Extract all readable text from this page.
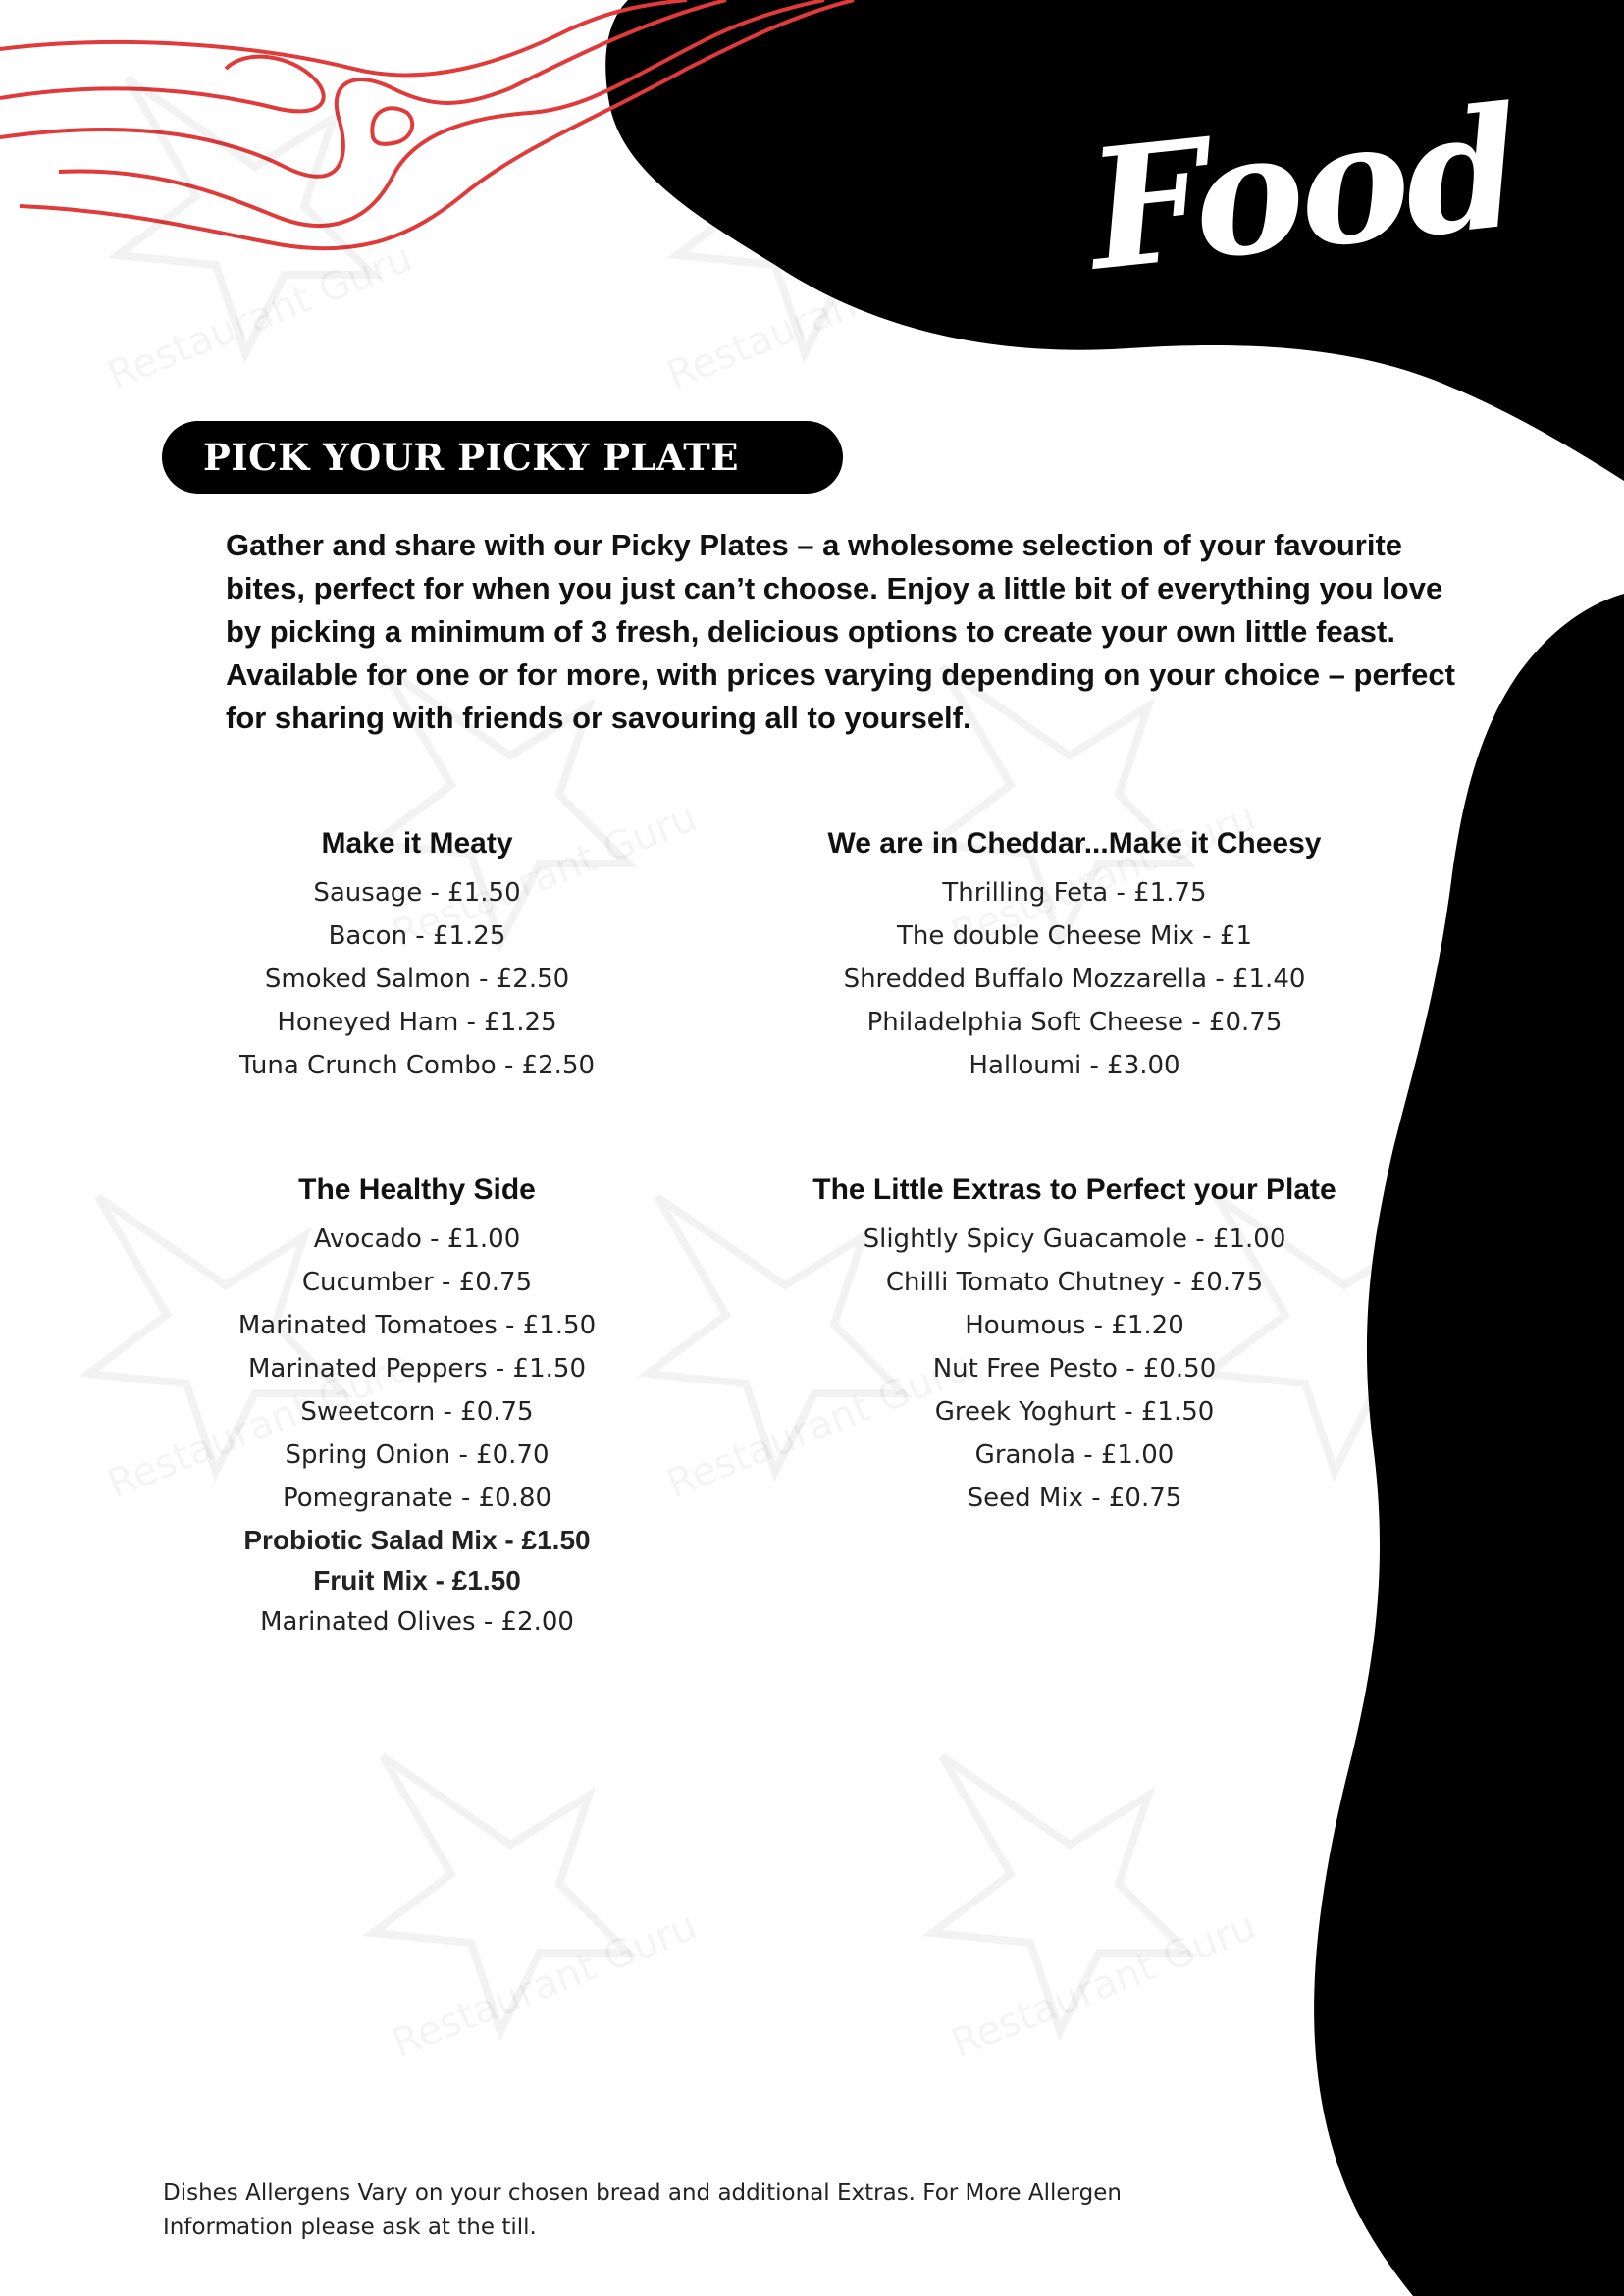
Food
PICK YOUR PICKY PLATE

Gather and share with our Picky Plates – a wholesome selection of your favourite bites, perfect for when you just can’t choose. Enjoy a little bit of everything you love by picking a minimum of 3 fresh, delicious options to create your own little feast. Available for one or for more, with prices varying depending on your choice – perfect for sharing with friends or savouring all to yourself.

Make it Meaty
Sausage - £1.50
Bacon - £1.25
Smoked Salmon - £2.50
Honeyed Ham - £1.25
Tuna Crunch Combo - £2.50
We are in Cheddar...Make it Cheesy
Thrilling Feta - £1.75
The double Cheese Mix - £1
Shredded Buffalo Mozzarella - £1.40
Philadelphia Soft Cheese - £0.75
Halloumi - £3.00
The Healthy Side
Avocado - £1.00
Cucumber - £0.75
Marinated Tomatoes - £1.50
Marinated Peppers - £1.50
Sweetcorn - £0.75
Spring Onion - £0.70
Pomegranate - £0.80
Probiotic Salad Mix - £1.50
Fruit Mix - £1.50
Marinated Olives - £2.00
The Little Extras to Perfect your Plate
Slightly Spicy Guacamole - £1.00
Chilli Tomato Chutney - £0.75
Houmous - £1.20
Nut Free Pesto - £0.50
Greek Yoghurt - £1.50
Granola - £1.00
Seed Mix - £0.75

Dishes Allergens Vary on your chosen bread and additional Extras. For More Allergen Information please ask at the till.
